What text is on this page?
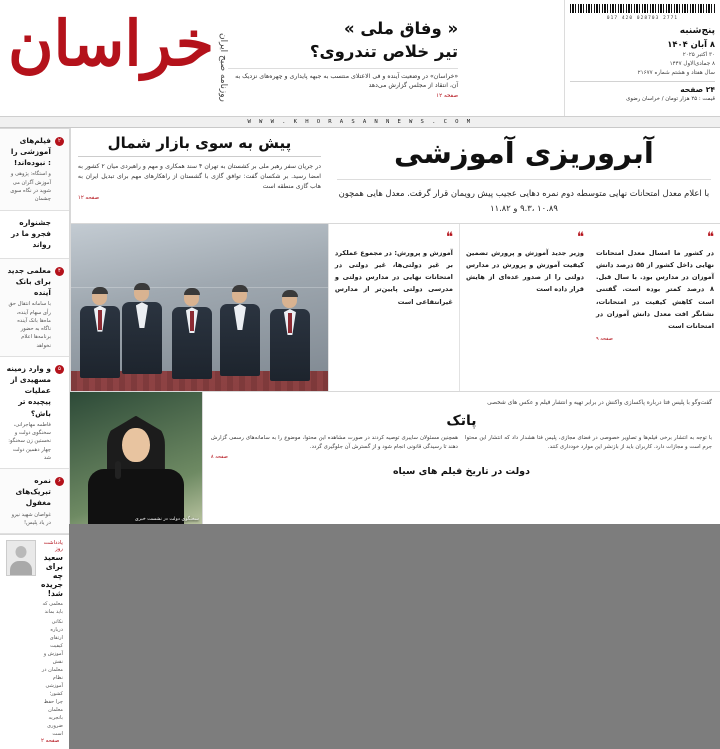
2771 028703 420 017
پنج‌شنبه
۸ آبان ۱۴۰۴
۳۰ اکتبر ۲۰۲۵
۸ جمادی‌الاول ۱۴۴۷
سال هفتاد و هشتم شماره ۲۱۶۷۷
۲۴ صفحه
قیمت : ۲۵ هزار تومان / خراسان رضوی
« وفاق ملی »
تیر خلاص تندروی؟
«خراسان» در وضعیت آینده و فی الاعتلای منتسب به جبهه پایداری و چهره‌های نزدیک به آن، انتقاد از مجلس گزارش می‌دهد
صفحه ۱۲
روزنامه صبح ایران
خراسان
W W W . K H O R A S A N N E W S . C O M
آبروریزی آموزشی
با اعلام معدل امتحانات نهایی متوسطه دوم نمره دهایی عجیب پیش رو‌یمان قرار گرفت. معدل هایی همچون ۱۰.۸۹ ،۹.۳ و ۱۱.۸۲
پیش به سوی بازار شمال

در جریان سفر رهبر ملی بر کشستان به تهران ۴ سند همکاری و مهم و راهبردی میان ۲ کشور به امضا رسید. بر شکسان گفت: توافق گازی با گشستان از راهکارهای مهم برای تبدیل ایران به هاب گازی منطقه است

صفحه ۱۲
❝

در کشور ما امسال معدل امتحانات نهایی داخل کشور از ۵۵ درصد دانش آموزان در مدارس بود. با سال قبل. ۸ درصد کمتر بوده است. گفتنی است کاهش کیفیت در امتحانات، نشانگر افت معدل دانش آموزان در امتحانات است

صفحه ۹
❝

وزیر جدید آموزش و پرورش تضمین کیفیت آموزش و پرورش در مدارس دولتی را از صدور عده‌ای از هایش قرار داده است

❝

آموزش و پرورش: در مجموع عملکرد بر غیر دولتی‌ها، غیر دولتی در امتحانات نهایی در مدارس دولتی و مدرسی دولتی پایین‌تر از مدارس غیرانتفاعی است

گفت‌وگو با پلیس فتا درباره پاکسازی واکنش در برابر تهیه و انتشار فیلم و عکس های شخصی
پاتک

با توجه به انتشار برخی فیلم‌ها و تصاویر خصوصی در فضای مجازی، پلیس فتا هشدار داد که انتشار این محتوا جرم است و مجازات دارد. کاربران باید از بازنشر این موارد خودداری کنند.

همچنین مسئولان سایبری توصیه کردند در صورت مشاهده این محتوا، موضوع را به سامانه‌های رسمی گزارش دهند تا رسیدگی قانونی انجام شود و از گسترش آن جلوگیری گردد.

صفحه ۸
دولت در تاریخ فیلم های سیاه
سخنگوی دولت در نشست خبری
۲
فیلم‌های آموزشی را : نبوده‌اند!

و استگاه: پژوهی و آموزش آگران می شوید در نگاه سوی چشمان

جشنواره فجرو ما در رواند

۴
معلمی جدید برای بانک آینده

با سامانه انتقال حق رأی سهام آینده، ماه‌ها بانک آینده ناگاه به حضور برنامه‌ها اعلام نخواهد

۵
و وارد زمینه مسهیدی از عملیات پیچیده تر باش؟

فاطمه مهاجرانی، سخنگوی دولت و نخستین زن سخنگو: چهار دهمین دولت شد

۶
نمره تبریک‌های مغفول

غواصان شهید نیرو در یاد پلیس!

یادداشت روز
سعید برای چه جریده شد!

معلمی که باید بماند

نکاتی درباره ارتقای کیفیت آموزش و نقش معلمان در نظام آموزشی کشور؛ چرا حفظ معلمان باتجربه ضروری است

صفحه ۲
